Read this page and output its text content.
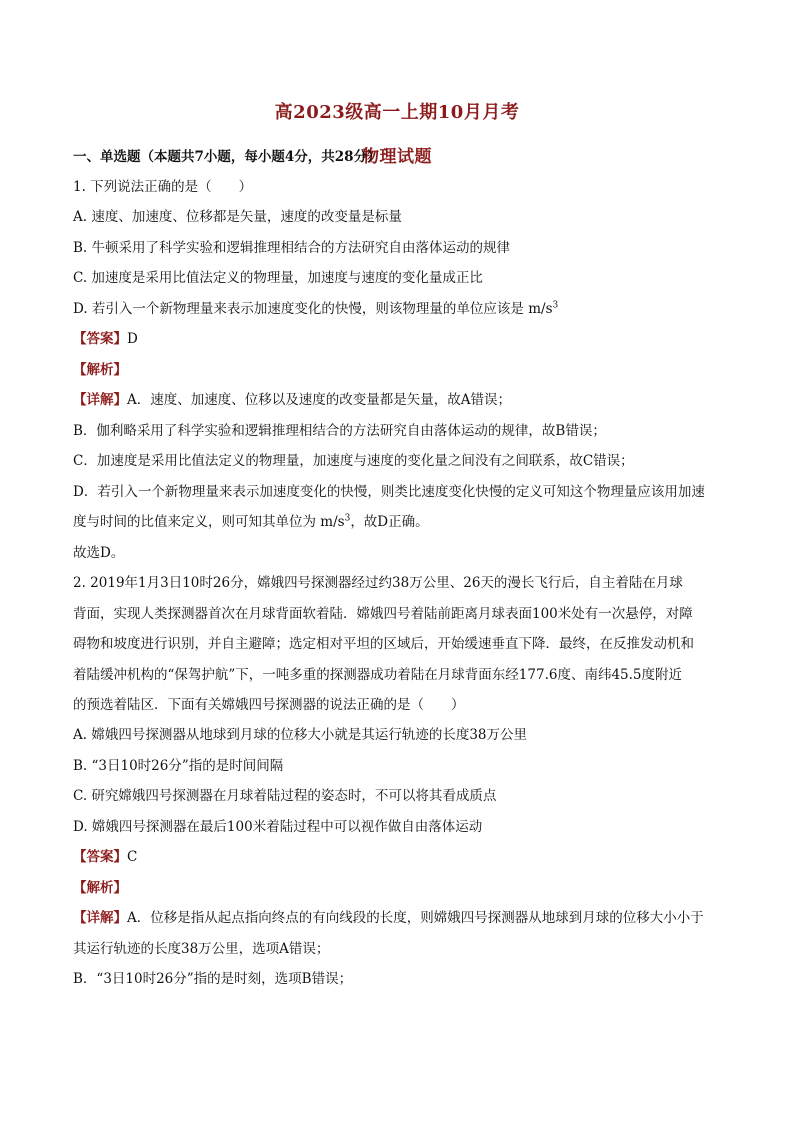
高2023级高一上期10月月考
物理试题
一、单选题（本题共7小题，每小题4分，共28分）
1. 下列说法正确的是（　　）
A. 速度、加速度、位移都是矢量，速度的改变量是标量
B. 牛顿采用了科学实验和逻辑推理相结合的方法研究自由落体运动的规律
C. 加速度是采用比值法定义的物理量，加速度与速度的变化量成正比
D. 若引入一个新物理量来表示加速度变化的快慢，则该物理量的单位应该是 $m/s^3$
【答案】D
【解析】
【详解】A．速度、加速度、位移以及速度的改变量都是矢量，故A错误；
B．伽利略采用了科学实验和逻辑推理相结合的方法研究自由落体运动的规律，故B错误；
C．加速度是采用比值法定义的物理量，加速度与速度的变化量之间没有之间联系，故C错误；
D．若引入一个新物理量来表示加速度变化的快慢，则类比速度变化快慢的定义可知这个物理量应该用加速
度与时间的比值来定义，则可知其单位为 $m/s^3$，故D正确。
故选D。
2. 2019年1月3日10时26分，嫦娥四号探测器经过约38万公里、26天的漫长飞行后，自主着陆在月球
背面，实现人类探测器首次在月球背面软着陆．嫦娥四号着陆前距离月球表面100米处有一次悬停，对障
碍物和坡度进行识别，并自主避障；选定相对平坦的区域后，开始缓速垂直下降．最终，在反推发动机和
着陆缓冲机构的“保驾护航”下，一吨多重的探测器成功着陆在月球背面东经177.6度、南纬45.5度附近
的预选着陆区．下面有关嫦娥四号探测器的说法正确的是（　　）
A. 嫦娥四号探测器从地球到月球的位移大小就是其运行轨迹的长度38万公里
B. “3日10时26分”指的是时间间隔
C. 研究嫦娥四号探测器在月球着陆过程的姿态时，不可以将其看成质点
D. 嫦娥四号探测器在最后100米着陆过程中可以视作做自由落体运动
【答案】C
【解析】
【详解】A．位移是指从起点指向终点的有向线段的长度，则嫦娥四号探测器从地球到月球的位移大小小于
其运行轨迹的长度38万公里，选项A错误；
B．“3日10时26分”指的是时刻，选项B错误；
